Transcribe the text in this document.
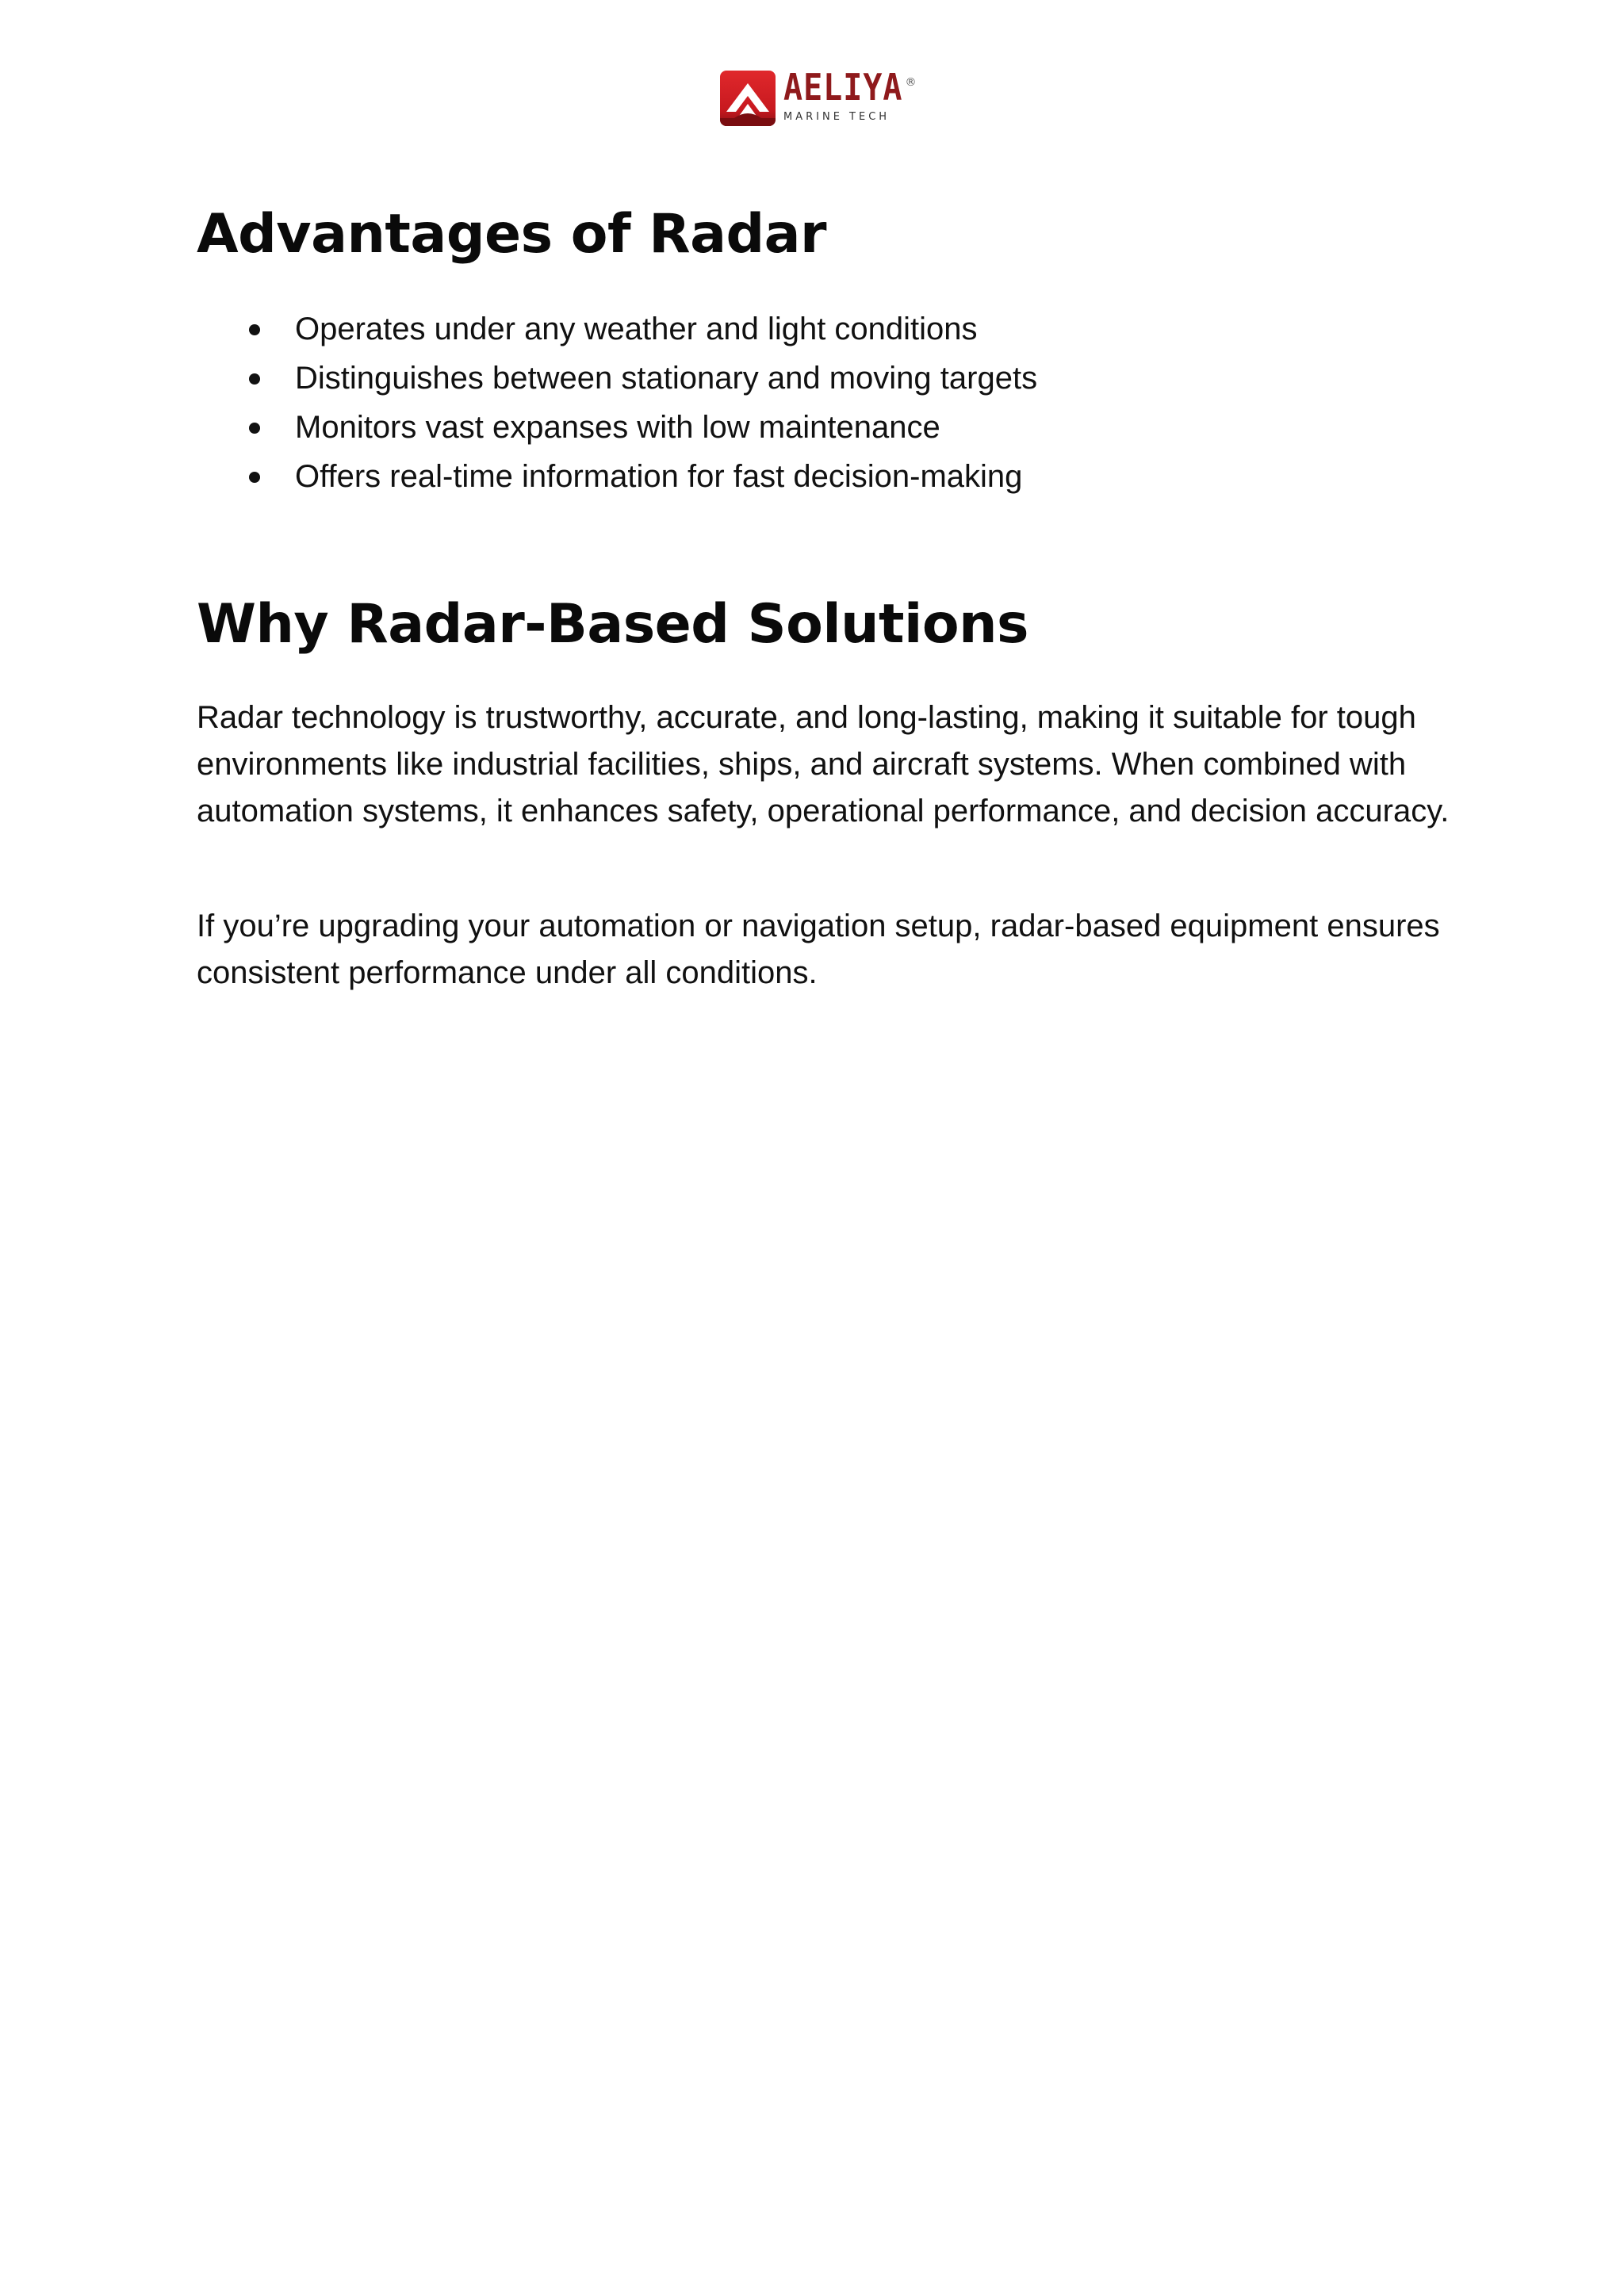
AELIYA ®
MARINE TECH
Advantages of Radar
Operates under any weather and light conditions
Distinguishes between stationary and moving targets
Monitors vast expanses with low maintenance
Offers real-time information for fast decision-making
Why Radar-Based Solutions

Radar technology is trustworthy, accurate, and long-lasting, making it suitable for tough environments like industrial facilities, ships, and aircraft systems. When combined with automation systems, it enhances safety, operational performance, and decision accuracy.

If you’re upgrading your automation or navigation setup, radar-based equipment ensures consistent performance under all conditions.
